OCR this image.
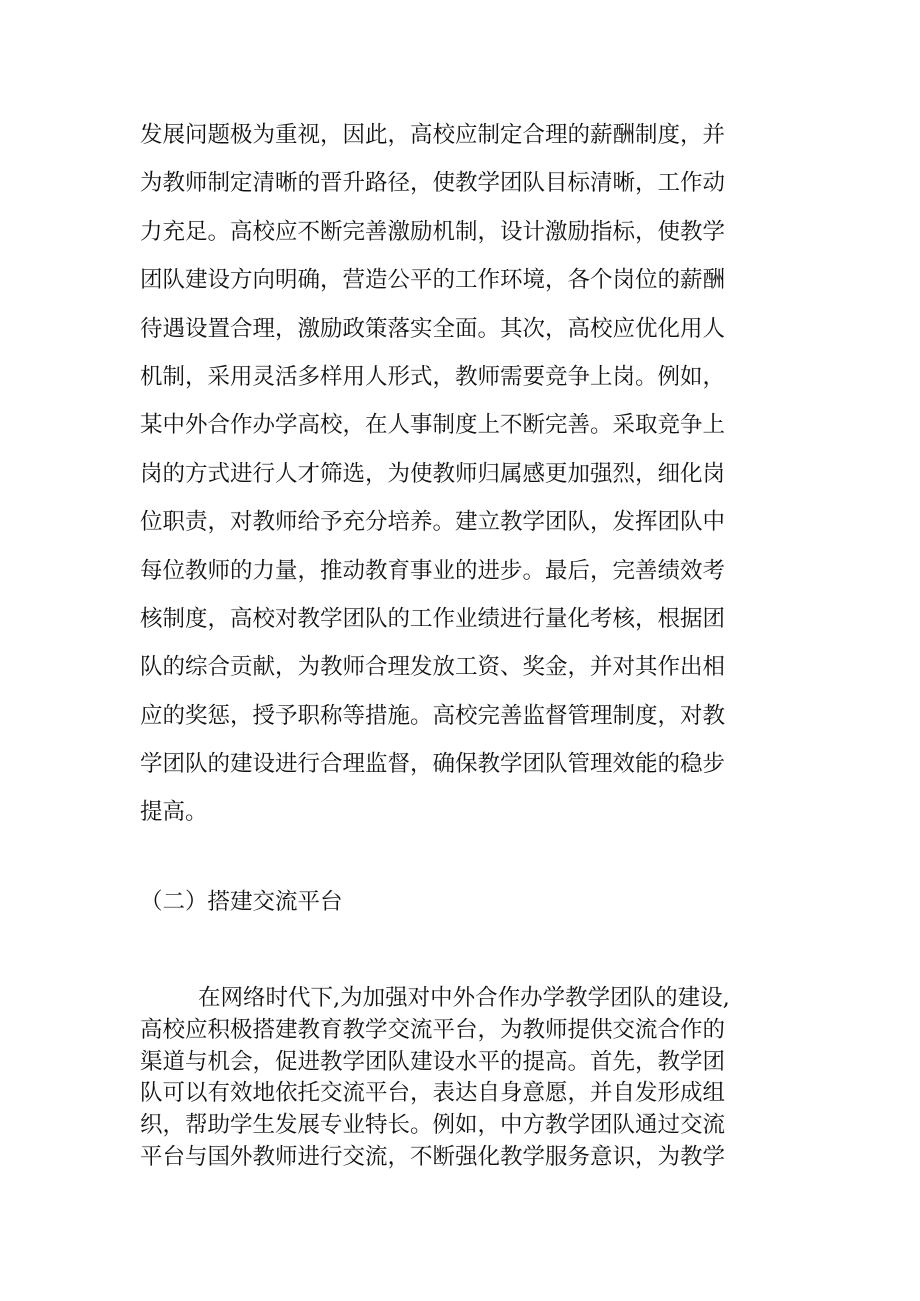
发展问题极为重视，因此，高校应制定合理的薪酬制度，并
为教师制定清晰的晋升路径，使教学团队目标清晰，工作动
力充足。高校应不断完善激励机制，设计激励指标，使教学
团队建设方向明确，营造公平的工作环境，各个岗位的薪酬
待遇设置合理，激励政策落实全面。其次，高校应优化用人
机制，采用灵活多样用人形式，教师需要竞争上岗。例如，
某中外合作办学高校，在人事制度上不断完善。采取竞争上
岗的方式进行人才筛选，为使教师归属感更加强烈，细化岗
位职责，对教师给予充分培养。建立教学团队，发挥团队中
每位教师的力量，推动教育事业的进步。最后，完善绩效考
核制度，高校对教学团队的工作业绩进行量化考核，根据团
队的综合贡献，为教师合理发放工资、奖金，并对其作出相
应的奖惩，授予职称等措施。高校完善监督管理制度，对教
学团队的建设进行合理监督，确保教学团队管理效能的稳步
提高。
（二）搭建交流平台
在网络时代下,为加强对中外合作办学教学团队的建设,
高校应积极搭建教育教学交流平台，为教师提供交流合作的
渠道与机会，促进教学团队建设水平的提高。首先，教学团
队可以有效地依托交流平台，表达自身意愿，并自发形成组
织，帮助学生发展专业特长。例如，中方教学团队通过交流
平台与国外教师进行交流，不断强化教学服务意识，为教学
